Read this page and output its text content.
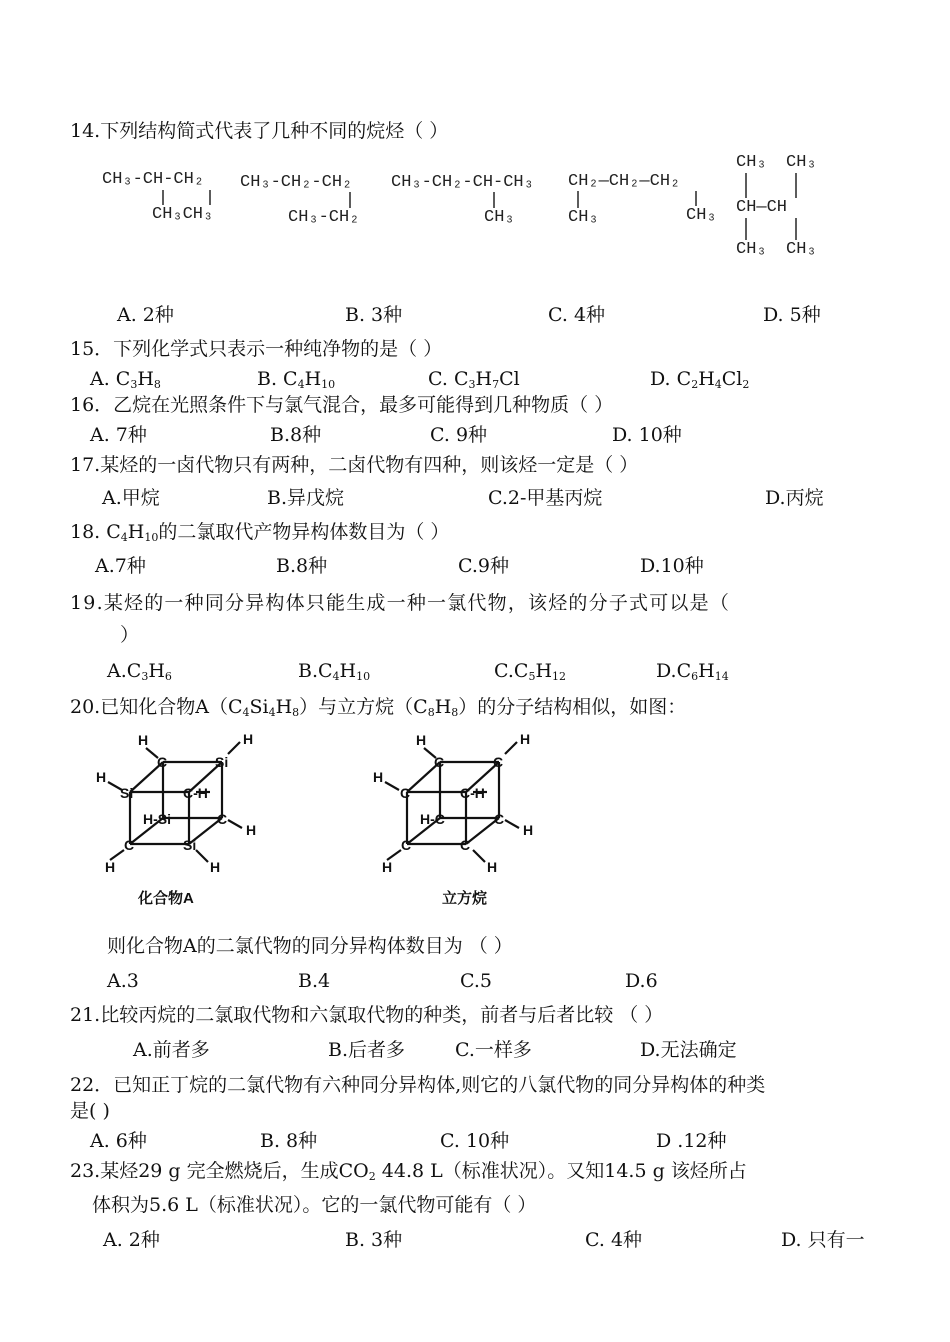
14.下列结构简式代表了几种不同的烷烃（ ）
CH₃-CH-CH₂
CH₃CH₃
CH₃-CH₂-CH₂
CH₃-CH₂
CH₃-CH₂-CH-CH₃
CH₃
CH₂—CH₂—CH₂
CH₃	CH₃
CH₃ CH₃
CH—CH
CH₃ CH₃
A. 2种	B. 3种	C. 4种	D. 5种
15．下列化学式只表示一种纯净物的是（ ）
A. $C_3H_8$	B. $C_4H_{10}$	C. $C_3H_7Cl$	D. $C_2H_4Cl_2$
16．乙烷在光照条件下与氯气混合，最多可能得到几种物质（ ）
A. 7种	B.8种	C. 9种	D. 10种
17.某烃的一卤代物只有两种，二卤代物有四种，则该烃一定是（ ）
A.甲烷	B.异戊烷	C.2-甲基丙烷	D.丙烷
18. $C_4H_{10}$的二氯取代产物异构体数目为（ ）
A.7种	B.8种	C.9种	D.10种
19.某烃的一种同分异构体只能生成一种一氯代物，该烃的分子式可以是（
）
$A.C_3H_6$	$B.C_4H_{10}$	$C.C_5H_{12}$	$D.C_6H_{14}$
20.已知化合物$A(C_4Si_4H_8)$与立方烷$(C_8H_8)$的分子结构相似，如图：
H
C	Si
H
H
Si	C-H
H-Si	C
H
C	Si
H	H
化合物A
H
C	C
H
H
C	C-H
H-C	C
H
C	C
H	H
立方烷
则化合物A的二氯代物的同分异构体数目为 （ ）
A.3	B.4	C.5	D.6
21.比较丙烷的二氯取代物和六氯取代物的种类，前者与后者比较 （ ）
A.前者多	B.后者多	C.一样多	D.无法确定
22．已知正丁烷的二氯代物有六种同分异构体,则它的八氯代物的同分异构体的种类
是( )
A. 6种	B. 8种	C. 10种	D .12种
23.某烃29 g 完全燃烧后，生成$CO_2$ 44.8 L（标准状况）。又知14.5 g 该烃所占
体积为5.6 L（标准状况）。它的一氯代物可能有（ ）
A. 2种	B. 3种	C. 4种	D. 只有一
